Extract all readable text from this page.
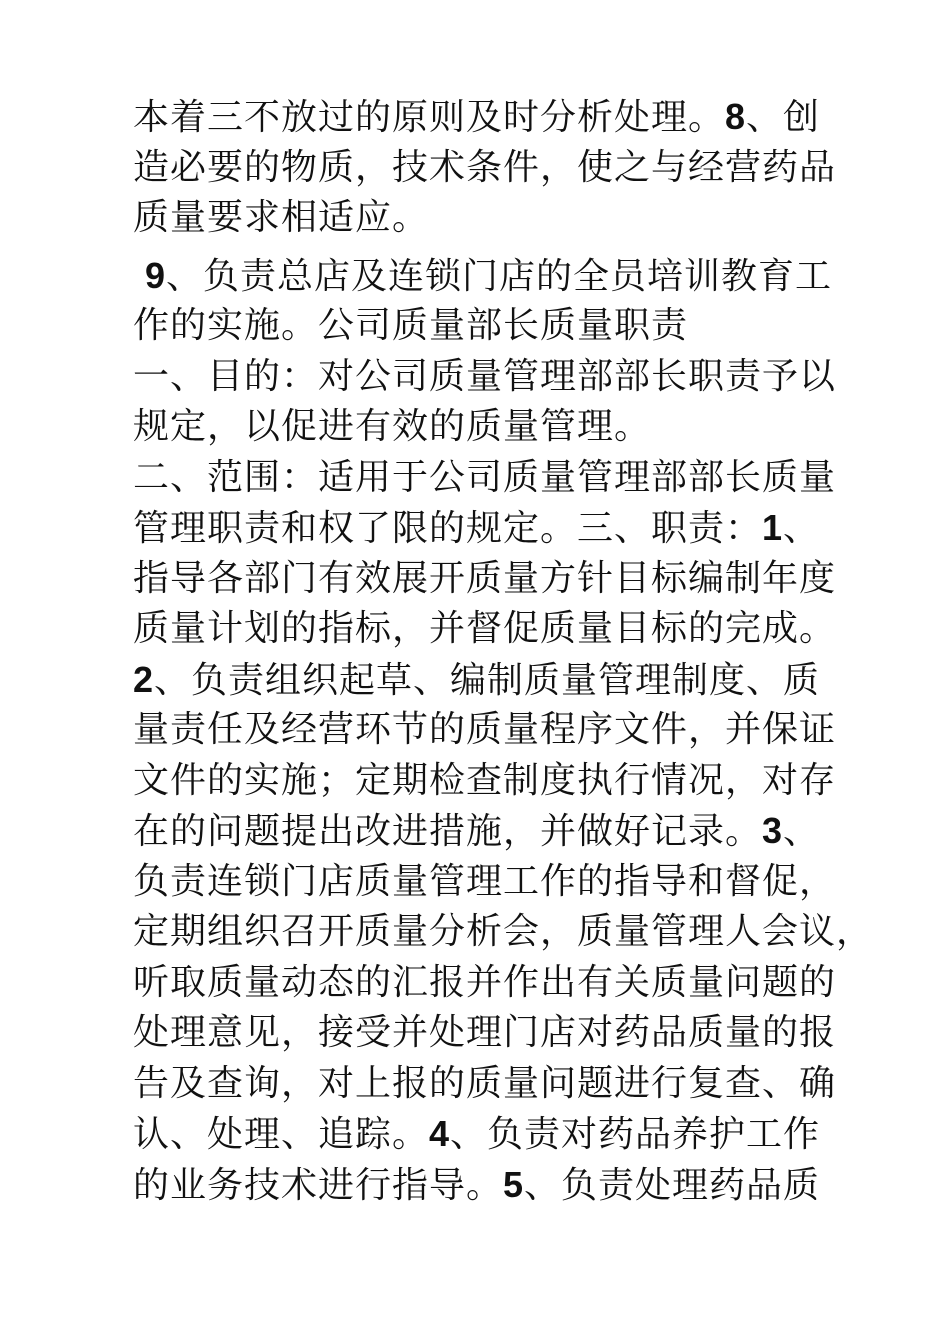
本着三不放过的原则及时分析处理。8、创
造必要的物质，技术条件，使之与经营药品
质量要求相适应。
9、负责总店及连锁门店的全员培训教育工
作的实施。公司质量部长质量职责
一、目的：对公司质量管理部部长职责予以
规定，以促进有效的质量管理。
二、范围：适用于公司质量管理部部长质量
管理职责和权了限的规定。三、职责：1、
指导各部门有效展开质量方针目标编制年度
质量计划的指标，并督促质量目标的完成。
2、负责组织起草、编制质量管理制度、质
量责任及经营环节的质量程序文件，并保证
文件的实施；定期检查制度执行情况，对存
在的问题提出改进措施，并做好记录。3、
负责连锁门店质量管理工作的指导和督促，
定期组织召开质量分析会，质量管理人会议，
听取质量动态的汇报并作出有关质量问题的
处理意见，接受并处理门店对药品质量的报
告及查询，对上报的质量问题进行复查、确
认、处理、追踪。4、负责对药品养护工作
的业务技术进行指导。5、负责处理药品质
